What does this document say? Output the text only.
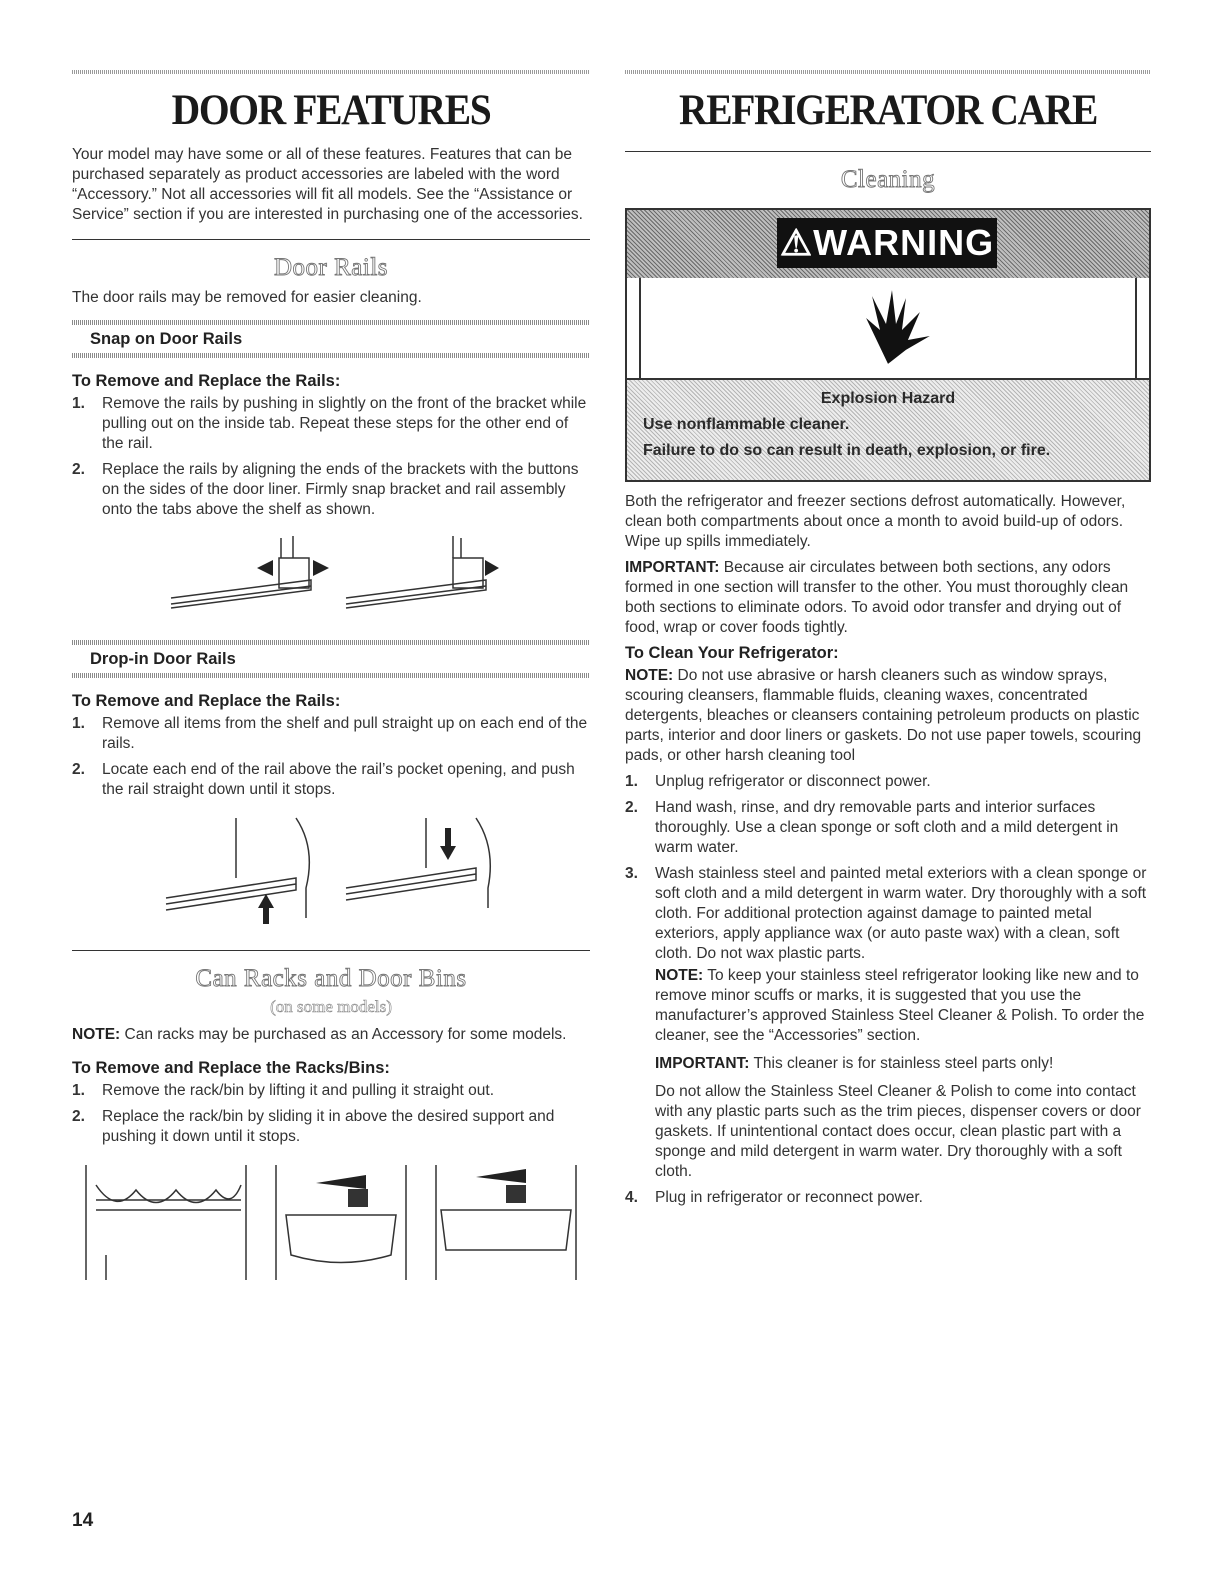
DOOR FEATURES

Your model may have some or all of these features. Features that can be purchased separately as product accessories are labeled with the word “Accessory.” Not all accessories will fit all models. See the “Assistance or Service” section if you are interested in purchasing one of the accessories.

Door Rails

The door rails may be removed for easier cleaning.

Snap on Door Rails
To Remove and Replace the Rails:
1. Remove the rails by pushing in slightly on the front of the bracket while pulling out on the inside tab. Repeat these steps for the other end of the rail.
2. Replace the rails by aligning the ends of the brackets with the buttons on the sides of the door liner. Firmly snap bracket and rail assembly onto the tabs above the shelf as shown.
Drop-in Door Rails
To Remove and Replace the Rails:
1. Remove all items from the shelf and pull straight up on each end of the rails.
2. Locate each end of the rail above the rail’s pocket opening, and push the rail straight down until it stops.
Can Racks and Door Bins
(on some models)

NOTE: Can racks may be purchased as an Accessory for some models.

To Remove and Replace the Racks/Bins:
1. Remove the rack/bin by lifting it and pulling it straight out.
2. Replace the rack/bin by sliding it in above the desired support and pushing it down until it stops.
REFRIGERATOR CARE
Cleaning
⚠WARNING
Explosion Hazard
Use nonflammable cleaner.
Failure to do so can result in death, explosion, or fire.

Both the refrigerator and freezer sections defrost automatically. However, clean both compartments about once a month to avoid build-up of odors. Wipe up spills immediately.

IMPORTANT: Because air circulates between both sections, any odors formed in one section will transfer to the other. You must thoroughly clean both sections to eliminate odors. To avoid odor transfer and drying out of food, wrap or cover foods tightly.

To Clean Your Refrigerator:

NOTE: Do not use abrasive or harsh cleaners such as window sprays, scouring cleansers, flammable fluids, cleaning waxes, concentrated detergents, bleaches or cleansers containing petroleum products on plastic parts, interior and door liners or gaskets. Do not use paper towels, scouring pads, or other harsh cleaning tool

1. Unplug refrigerator or disconnect power.
2. Hand wash, rinse, and dry removable parts and interior surfaces thoroughly. Use a clean sponge or soft cloth and a mild detergent in warm water.
3. Wash stainless steel and painted metal exteriors with a clean sponge or soft cloth and a mild detergent in warm water. Dry thoroughly with a soft cloth. For additional protection against damage to painted metal exteriors, apply appliance wax (or auto paste wax) with a clean, soft cloth. Do not wax plastic parts.

NOTE: To keep your stainless steel refrigerator looking like new and to remove minor scuffs or marks, it is suggested that you use the manufacturer’s approved Stainless Steel Cleaner & Polish. To order the cleaner, see the “Accessories” section.

IMPORTANT: This cleaner is for stainless steel parts only!

Do not allow the Stainless Steel Cleaner & Polish to come into contact with any plastic parts such as the trim pieces, dispenser covers or door gaskets. If unintentional contact does occur, clean plastic part with a sponge and mild detergent in warm water. Dry thoroughly with a soft cloth.

4. Plug in refrigerator or reconnect power.
14
